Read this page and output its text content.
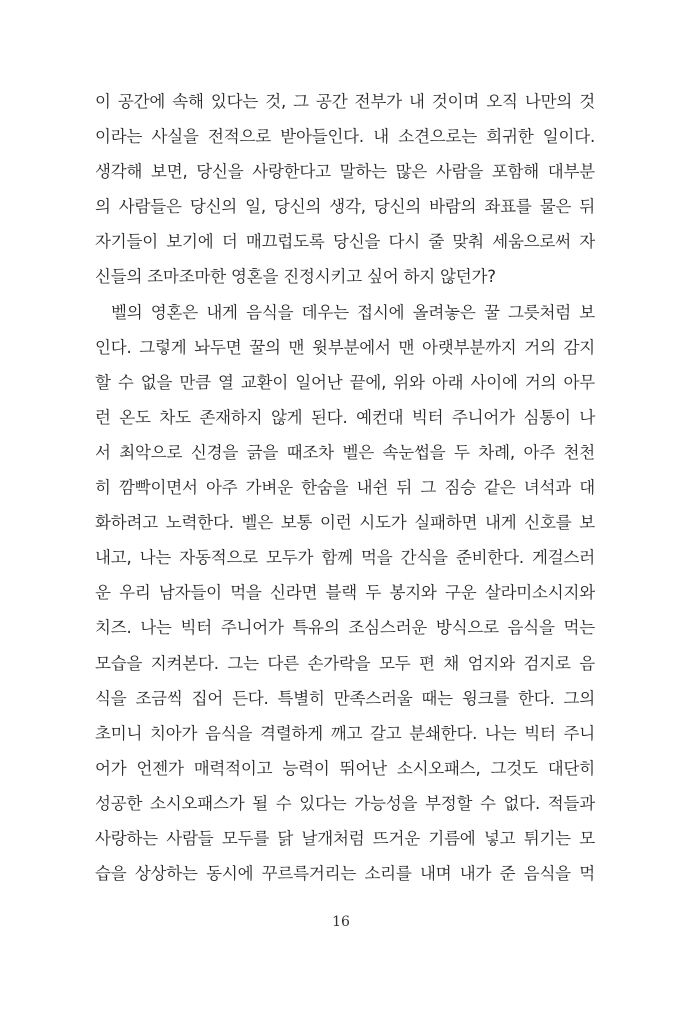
이 공간에 속해 있다는 것, 그 공간 전부가 내 것이며 오직 나만의 것
이라는 사실을 전적으로 받아들인다. 내 소견으로는 희귀한 일이다.
생각해 보면, 당신을 사랑한다고 말하는 많은 사람을 포함해 대부분
의 사람들은 당신의 일, 당신의 생각, 당신의 바람의 좌표를 물은 뒤
자기들이 보기에 더 매끄럽도록 당신을 다시 줄 맞춰 세움으로써 자
신들의 조마조마한 영혼을 진정시키고 싶어 하지 않던가?
벨의 영혼은 내게 음식을 데우는 접시에 올려놓은 꿀 그릇처럼 보
인다. 그렇게 놔두면 꿀의 맨 윗부분에서 맨 아랫부분까지 거의 감지
할 수 없을 만큼 열 교환이 일어난 끝에, 위와 아래 사이에 거의 아무
런 온도 차도 존재하지 않게 된다. 예컨대 빅터 주니어가 심통이 나
서 최악으로 신경을 긁을 때조차 벨은 속눈썹을 두 차례, 아주 천천
히 깜빡이면서 아주 가벼운 한숨을 내쉰 뒤 그 짐승 같은 녀석과 대
화하려고 노력한다. 벨은 보통 이런 시도가 실패하면 내게 신호를 보
내고, 나는 자동적으로 모두가 함께 먹을 간식을 준비한다. 게걸스러
운 우리 남자들이 먹을 신라면 블랙 두 봉지와 구운 살라미소시지와
치즈. 나는 빅터 주니어가 특유의 조심스러운 방식으로 음식을 먹는
모습을 지켜본다. 그는 다른 손가락을 모두 편 채 엄지와 검지로 음
식을 조금씩 집어 든다. 특별히 만족스러울 때는 윙크를 한다. 그의
초미니 치아가 음식을 격렬하게 깨고 갈고 분쇄한다. 나는 빅터 주니
어가 언젠가 매력적이고 능력이 뛰어난 소시오패스, 그것도 대단히
성공한 소시오패스가 될 수 있다는 가능성을 부정할 수 없다. 적들과
사랑하는 사람들 모두를 닭 날개처럼 뜨거운 기름에 넣고 튀기는 모
습을 상상하는 동시에 꾸르륵거리는 소리를 내며 내가 준 음식을 먹
16
